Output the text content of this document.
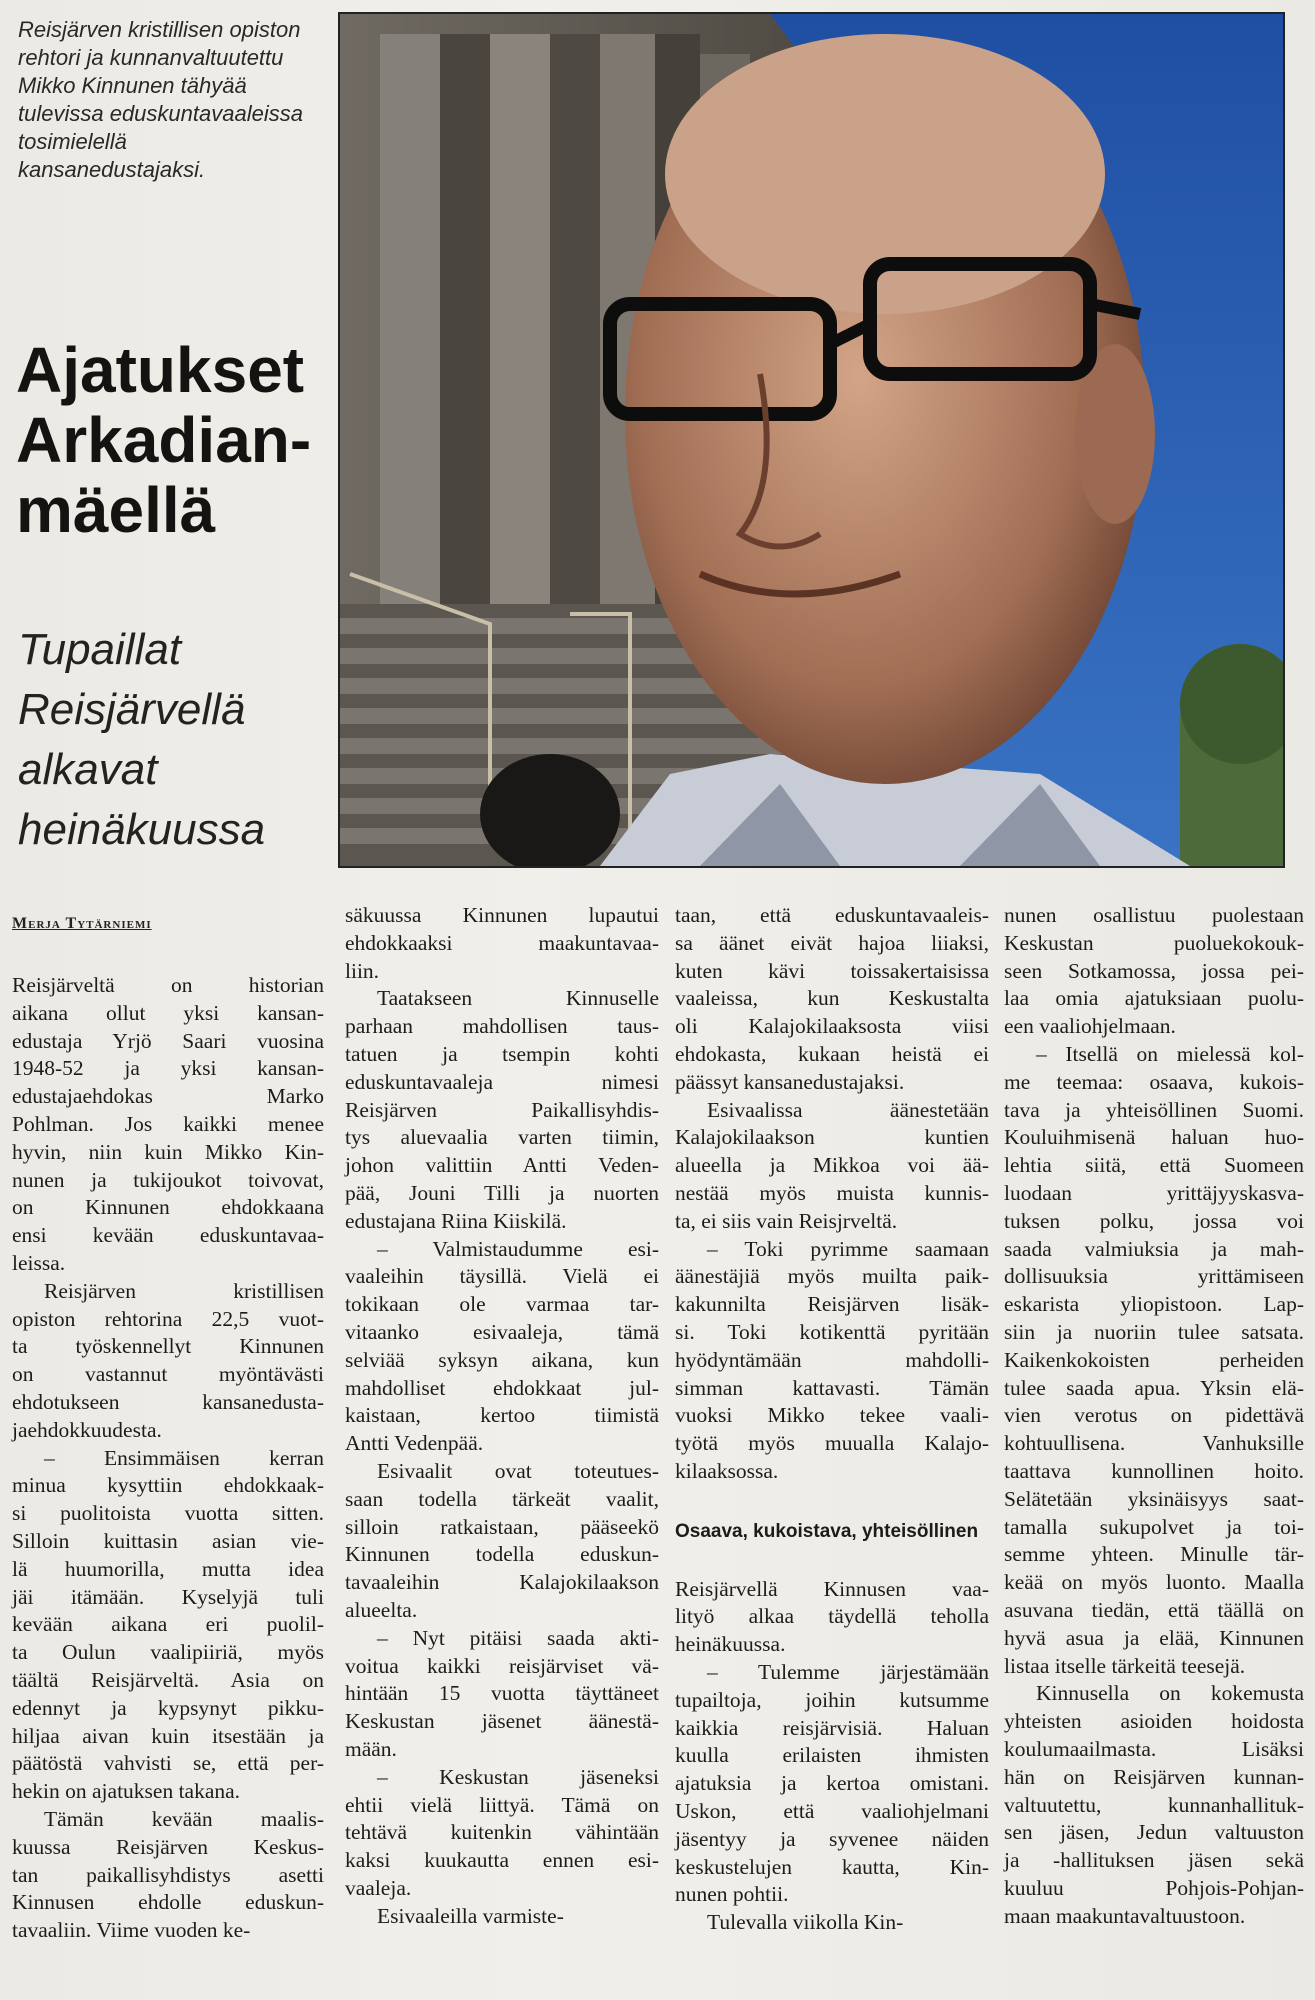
Reisjärven kristillisen opiston
rehtori ja kunnanvaltuutettu
Mikko Kinnunen tähyää
tulevissa eduskuntavaaleissa
tosimielellä
kansanedustajaksi.
Ajatukset
Arkadian-
mäellä
Tupaillat
Reisjärvellä
alkavat
heinäkuussa
Merja Tytärniemi
Reisjärveltä on historian
aikana ollut yksi kansan-
edustaja Yrjö Saari vuosina
1948-52 ja yksi kansan-
edustajaehdokas Marko
Pohlman. Jos kaikki menee
hyvin, niin kuin Mikko Kin-
nunen ja tukijoukot toivovat,
on Kinnunen ehdokkaana
ensi kevään eduskuntavaa-
leissa.
Reisjärven kristillisen
opiston rehtorina 22,5 vuot-
ta työskennellyt Kinnunen
on vastannut myöntävästi
ehdotukseen kansanedusta-
jaehdokkuudesta.
– Ensimmäisen kerran
minua kysyttiin ehdokkaak-
si puolitoista vuotta sitten.
Silloin kuittasin asian vie-
lä huumorilla, mutta idea
jäi itämään. Kyselyjä tuli
kevään aikana eri puolil-
ta Oulun vaalipiiriä, myös
täältä Reisjärveltä. Asia on
edennyt ja kypsynyt pikku-
hiljaa aivan kuin itsestään ja
päätöstä vahvisti se, että per-
hekin on ajatuksen takana.
Tämän kevään maalis-
kuussa Reisjärven Keskus-
tan paikallisyhdistys asetti
Kinnusen ehdolle eduskun-
tavaaliin. Viime vuoden ke-
säkuussa Kinnunen lupautui
ehdokkaaksi maakuntavaa-
liin.
Taatakseen Kinnuselle
parhaan mahdollisen taus-
tatuen ja tsempin kohti
eduskuntavaaleja nimesi
Reisjärven Paikallisyhdis-
tys aluevaalia varten tiimin,
johon valittiin Antti Veden-
pää, Jouni Tilli ja nuorten
edustajana Riina Kiiskilä.
– Valmistaudumme esi-
vaaleihin täysillä. Vielä ei
tokikaan ole varmaa tar-
vitaanko esivaaleja, tämä
selviää syksyn aikana, kun
mahdolliset ehdokkaat jul-
kaistaan, kertoo tiimistä
Antti Vedenpää.
Esivaalit ovat toteutues-
saan todella tärkeät vaalit,
silloin ratkaistaan, pääseekö
Kinnunen todella eduskun-
tavaaleihin Kalajokilaakson
alueelta.
– Nyt pitäisi saada akti-
voitua kaikki reisjärviset vä-
hintään 15 vuotta täyttäneet
Keskustan jäsenet äänestä-
mään.
– Keskustan jäseneksi
ehtii vielä liittyä. Tämä on
tehtävä kuitenkin vähintään
kaksi kuukautta ennen esi-
vaaleja.
Esivaaleilla varmiste-
taan, että eduskuntavaaleis-
sa äänet eivät hajoa liiaksi,
kuten kävi toissakertaisissa
vaaleissa, kun Keskustalta
oli Kalajokilaaksosta viisi
ehdokasta, kukaan heistä ei
päässyt kansanedustajaksi.
Esivaalissa äänestetään
Kalajokilaakson kuntien
alueella ja Mikkoa voi ää-
nestää myös muista kunnis-
ta, ei siis vain Reisjrveltä.
– Toki pyrimme saamaan
äänestäjiä myös muilta paik-
kakunnilta Reisjärven lisäk-
si. Toki kotikenttä pyritään
hyödyntämään mahdolli-
simman kattavasti. Tämän
vuoksi Mikko tekee vaali-
työtä myös muualla Kalajo-
kilaaksossa.
Osaava, kukoistava, yhteisöllinen
Reisjärvellä Kinnusen vaa-
lityö alkaa täydellä teholla
heinäkuussa.
– Tulemme järjestämään
tupailtoja, joihin kutsumme
kaikkia reisjärvisiä. Haluan
kuulla erilaisten ihmisten
ajatuksia ja kertoa omistani.
Uskon, että vaaliohjelmani
jäsentyy ja syvenee näiden
keskustelujen kautta, Kin-
nunen pohtii.
Tulevalla viikolla Kin-
nunen osallistuu puolestaan
Keskustan puoluekokouk-
seen Sotkamossa, jossa pei-
laa omia ajatuksiaan puolu-
een vaaliohjelmaan.
– Itsellä on mielessä kol-
me teemaa: osaava, kukois-
tava ja yhteisöllinen Suomi.
Kouluihmisenä haluan huo-
lehtia siitä, että Suomeen
luodaan yrittäjyyskasva-
tuksen polku, jossa voi
saada valmiuksia ja mah-
dollisuuksia yrittämiseen
eskarista yliopistoon. Lap-
siin ja nuoriin tulee satsata.
Kaikenkokoisten perheiden
tulee saada apua. Yksin elä-
vien verotus on pidettävä
kohtuullisena. Vanhuksille
taattava kunnollinen hoito.
Selätetään yksinäisyys saat-
tamalla sukupolvet ja toi-
semme yhteen. Minulle tär-
keää on myös luonto. Maalla
asuvana tiedän, että täällä on
hyvä asua ja elää, Kinnunen
listaa itselle tärkeitä teesejä.
Kinnusella on kokemusta
yhteisten asioiden hoidosta
koulumaailmasta. Lisäksi
hän on Reisjärven kunnan-
valtuutettu, kunnanhallituk-
sen jäsen, Jedun valtuuston
ja -hallituksen jäsen sekä
kuuluu Pohjois-Pohjan-
maan maakuntavaltuustoon.
